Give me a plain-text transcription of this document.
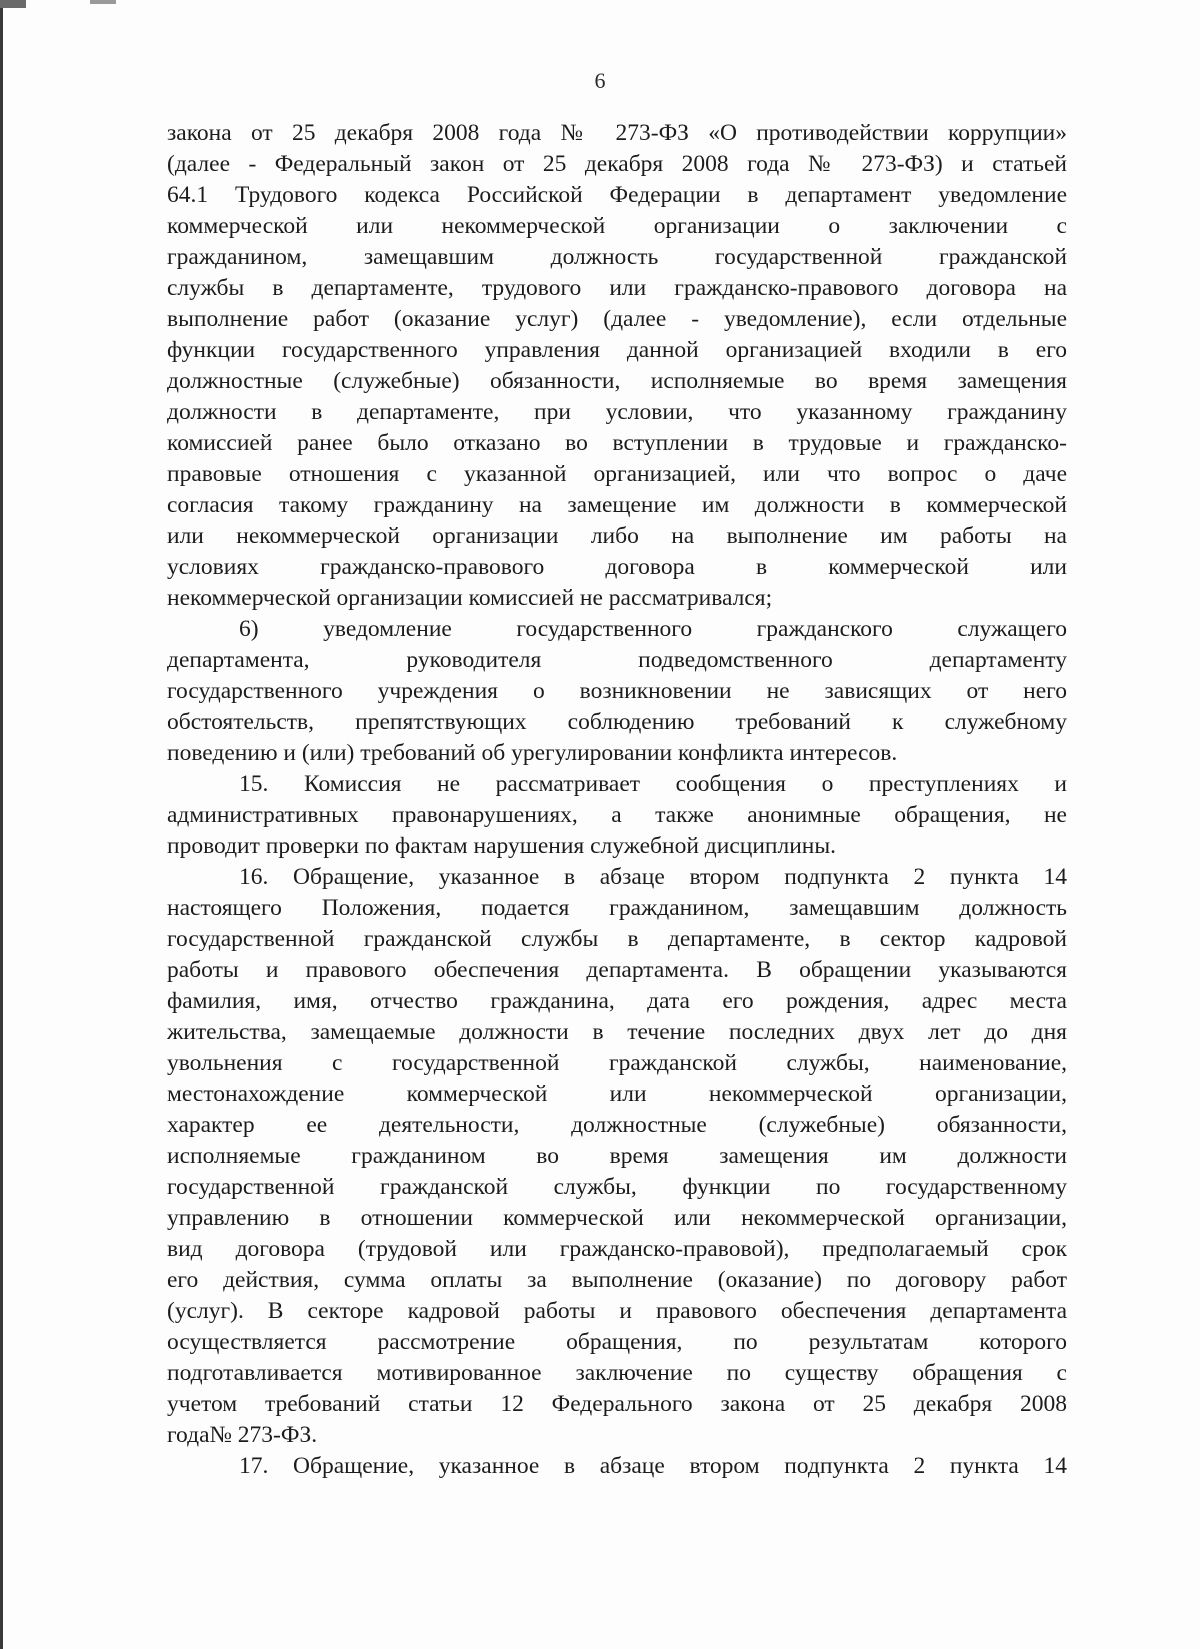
6
закона от 25 декабря 2008 года № 273-ФЗ «О противодействии коррупции»
(далее - Федеральный закон от 25 декабря 2008 года № 273-ФЗ) и статьей
64.1 Трудового кодекса Российской Федерации в департамент уведомление
коммерческой или некоммерческой организации о заключении с
гражданином, замещавшим должность государственной гражданской
службы в департаменте, трудового или гражданско-правового договора на
выполнение работ (оказание услуг) (далее - уведомление), если отдельные
функции государственного управления данной организацией входили в его
должностные (служебные) обязанности, исполняемые во время замещения
должности в департаменте, при условии, что указанному гражданину
комиссией ранее было отказано во вступлении в трудовые и гражданско-
правовые отношения с указанной организацией, или что вопрос о даче
согласия такому гражданину на замещение им должности в коммерческой
или некоммерческой организации либо на выполнение им работы на
условиях гражданско-правового договора в коммерческой или
некоммерческой организации комиссией не рассматривался;
6) уведомление государственного гражданского служащего
департамента, руководителя подведомственного департаменту
государственного учреждения о возникновении не зависящих от него
обстоятельств, препятствующих соблюдению требований к служебному
поведению и (или) требований об урегулировании конфликта интересов.
15. Комиссия не рассматривает сообщения о преступлениях и
административных правонарушениях, а также анонимные обращения, не
проводит проверки по фактам нарушения служебной дисциплины.
16. Обращение, указанное в абзаце втором подпункта 2 пункта 14
настоящего Положения, подается гражданином, замещавшим должность
государственной гражданской службы в департаменте, в сектор кадровой
работы и правового обеспечения департамента. В обращении указываются
фамилия, имя, отчество гражданина, дата его рождения, адрес места
жительства, замещаемые должности в течение последних двух лет до дня
увольнения с государственной гражданской службы, наименование,
местонахождение коммерческой или некоммерческой организации,
характер ее деятельности, должностные (служебные) обязанности,
исполняемые гражданином во время замещения им должности
государственной гражданской службы, функции по государственному
управлению в отношении коммерческой или некоммерческой организации,
вид договора (трудовой или гражданско-правовой), предполагаемый срок
его действия, сумма оплаты за выполнение (оказание) по договору работ
(услуг). В секторе кадровой работы и правового обеспечения департамента
осуществляется рассмотрение обращения, по результатам которого
подготавливается мотивированное заключение по существу обращения с
учетом требований статьи 12 Федерального закона от 25 декабря 2008
года№ 273-ФЗ.
17. Обращение, указанное в абзаце втором подпункта 2 пункта 14
